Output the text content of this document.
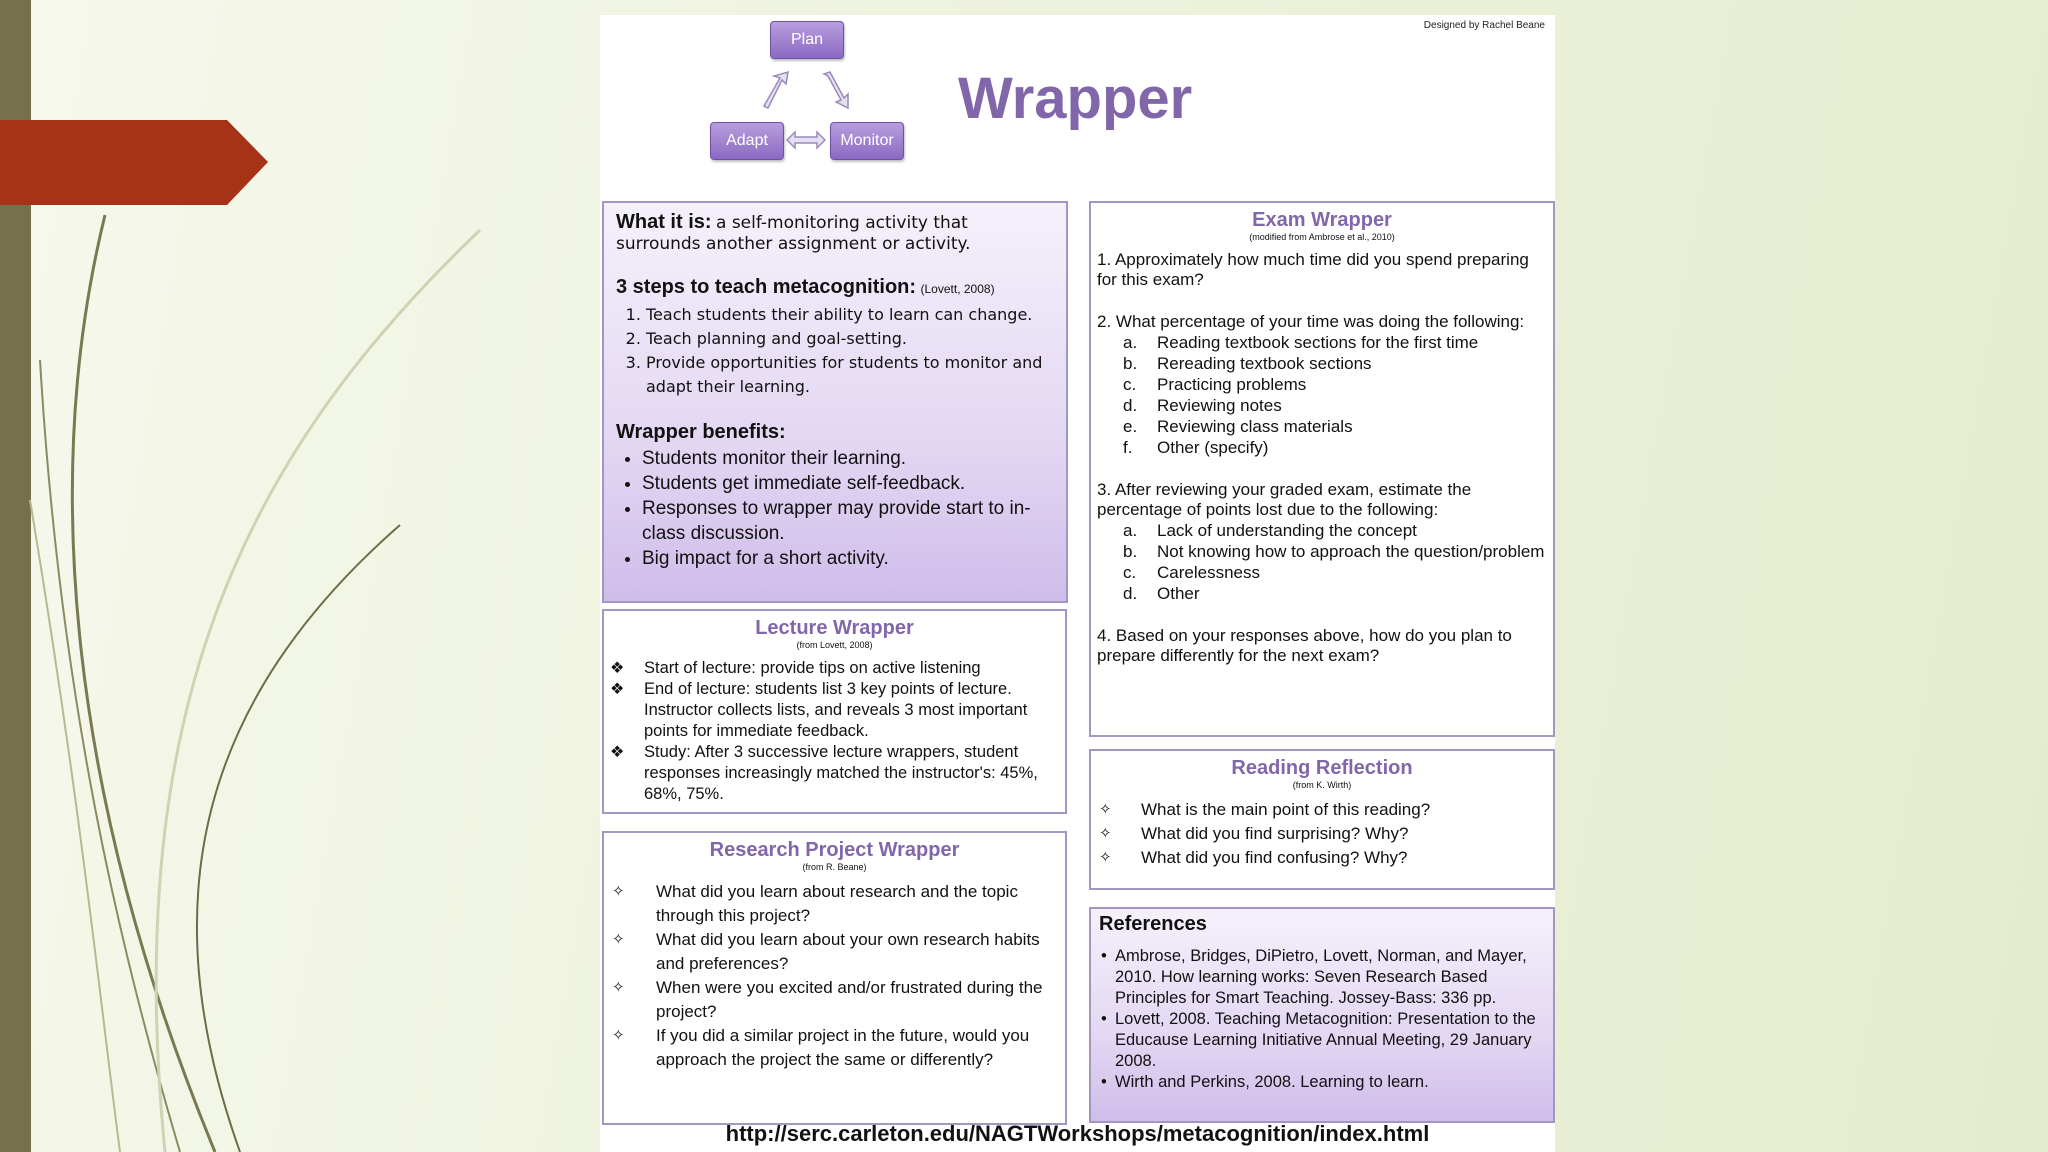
Designed by Rachel Beane
Plan
Adapt	Monitor
Wrapper

What it is: a self-monitoring activity that surrounds another assignment or activity.

3 steps to teach metacognition: (Lovett, 2008)

1. Teach students their ability to learn can change.
2. Teach planning and goal-setting.
3. Provide opportunities for students to monitor and adapt their learning.

Wrapper benefits:

• Students monitor their learning.
• Students get immediate self-feedback.
• Responses to wrapper may provide start to in-class discussion.
• Big impact for a short activity.
Lecture Wrapper
(from Lovett, 2008)
❖ Start of lecture: provide tips on active listening
❖ End of lecture: students list 3 key points of lecture. Instructor collects lists, and reveals 3 most important points for immediate feedback.
❖ Study: After 3 successive lecture wrappers, student responses increasingly matched the instructor's: 45%, 68%, 75%.
Research Project Wrapper
(from R. Beane)
✧ What did you learn about research and the topic through this project?
✧ What did you learn about your own research habits and preferences?
✧ When were you excited and/or frustrated during the project?
✧ If you did a similar project in the future, would you approach the project the same or differently?
Exam Wrapper
(modified from Ambrose et al., 2010)

1. Approximately how much time did you spend preparing for this exam?

2. What percentage of your time was doing the following:

a. Reading textbook sections for the first time
b. Rereading textbook sections
c. Practicing problems
d. Reviewing notes
e. Reviewing class materials
f. Other (specify)

3. After reviewing your graded exam, estimate the percentage of points lost due to the following:

a. Lack of understanding the concept
b. Not knowing how to approach the question/problem
c. Carelessness
d. Other

4. Based on your responses above, how do you plan to prepare differently for the next exam?

Reading Reflection
(from K. Wirth)
✧ What is the main point of this reading?
✧ What did you find surprising? Why?
✧ What did you find confusing? Why?

References

• Ambrose, Bridges, DiPietro, Lovett, Norman, and Mayer, 2010. How learning works: Seven Research Based Principles for Smart Teaching. Jossey-Bass: 336 pp.
• Lovett, 2008. Teaching Metacognition: Presentation to the Educause Learning Initiative Annual Meeting, 29 January 2008.
• Wirth and Perkins, 2008. Learning to learn.
http://serc.carleton.edu/NAGTWorkshops/metacognition/index.html
